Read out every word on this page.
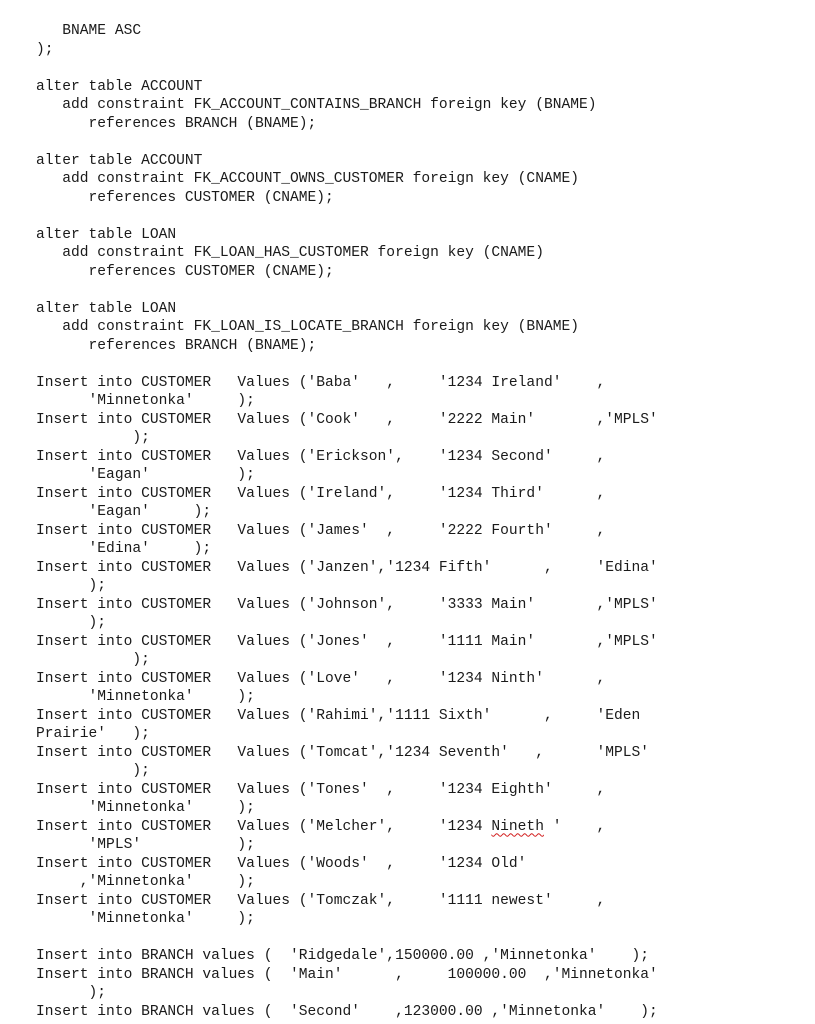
BNAME ASC
);

alter table ACCOUNT
add constraint FK_ACCOUNT_CONTAINS_BRANCH foreign key (BNAME)
references BRANCH (BNAME);

alter table ACCOUNT
add constraint FK_ACCOUNT_OWNS_CUSTOMER foreign key (CNAME)
references CUSTOMER (CNAME);

alter table LOAN
add constraint FK_LOAN_HAS_CUSTOMER foreign key (CNAME)
references CUSTOMER (CNAME);

alter table LOAN
add constraint FK_LOAN_IS_LOCATE_BRANCH foreign key (BNAME)
references BRANCH (BNAME);

Insert into CUSTOMER   Values ('Baba'   ,     '1234 Ireland'    ,
'Minnetonka'     );
Insert into CUSTOMER   Values ('Cook'   ,     '2222 Main'       ,'MPLS'
);
Insert into CUSTOMER   Values ('Erickson',    '1234 Second'     ,
'Eagan'          );
Insert into CUSTOMER   Values ('Ireland',     '1234 Third'      ,
'Eagan'     );
Insert into CUSTOMER   Values ('James'  ,     '2222 Fourth'     ,
'Edina'     );
Insert into CUSTOMER   Values ('Janzen','1234 Fifth'      ,     'Edina'
);
Insert into CUSTOMER   Values ('Johnson',     '3333 Main'       ,'MPLS'
);
Insert into CUSTOMER   Values ('Jones'  ,     '1111 Main'       ,'MPLS'
);
Insert into CUSTOMER   Values ('Love'   ,     '1234 Ninth'      ,
'Minnetonka'     );
Insert into CUSTOMER   Values ('Rahimi','1111 Sixth'      ,     'Eden
Prairie'   );
Insert into CUSTOMER   Values ('Tomcat','1234 Seventh'   ,      'MPLS'
);
Insert into CUSTOMER   Values ('Tones'  ,     '1234 Eighth'     ,
'Minnetonka'     );
Insert into CUSTOMER   Values ('Melcher',     '1234 Nineth '    ,
'MPLS'           );
Insert into CUSTOMER   Values ('Woods'  ,     '1234 Old'
,'Minnetonka'     );
Insert into CUSTOMER   Values ('Tomczak',     '1111 newest'     ,
'Minnetonka'     );

Insert into BRANCH values (  'Ridgedale',150000.00 ,'Minnetonka'    );
Insert into BRANCH values (  'Main'      ,     100000.00  ,'Minnetonka'
);
Insert into BRANCH values (  'Second'    ,123000.00 ,'Minnetonka'    );
